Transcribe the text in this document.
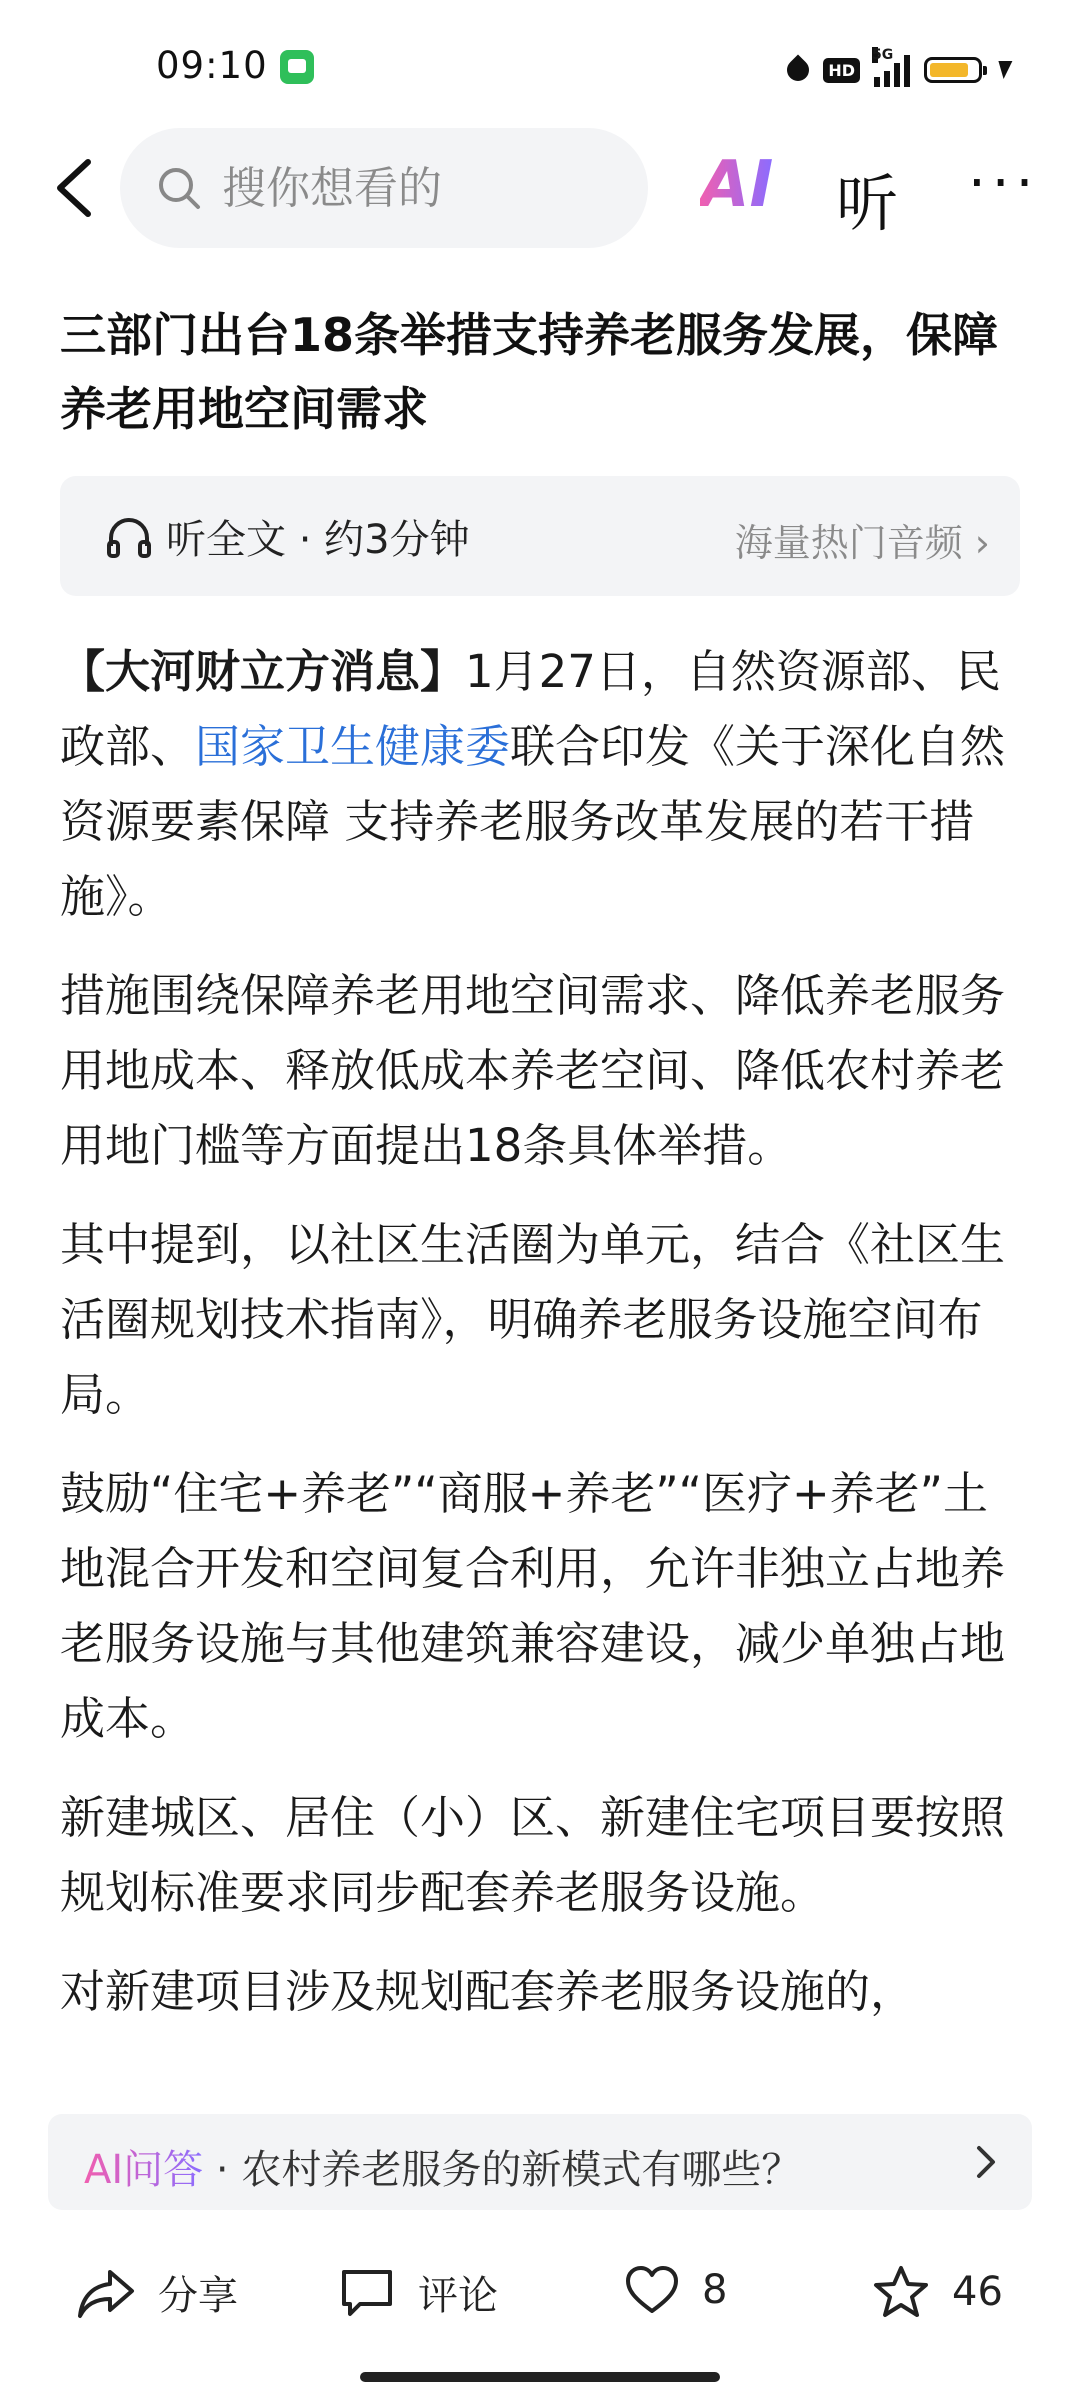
09:10	HD
5G
搜你想看的
AI 听 ···
三部门出台18条举措支持养老服务发展，保障养老用地空间需求
听全文 · 约3分钟	海量热门音频 ›

【大河财立方消息】1月27日，自然资源部、民政部、国家卫生健康委联合印发《关于深化自然资源要素保障 支持养老服务改革发展的若干措施》。

措施围绕保障养老用地空间需求、降低养老服务用地成本、释放低成本养老空间、降低农村养老用地门槛等方面提出18条具体举措。

其中提到，以社区生活圈为单元，结合《社区生活圈规划技术指南》，明确养老服务设施空间布局。

鼓励“住宅+养老”“商服+养老”“医疗+养老”土地混合开发和空间复合利用，允许非独立占地养老服务设施与其他建筑兼容建设，减少单独占地成本。

新建城区、居住（小）区、新建住宅项目要按照规划标准要求同步配套养老服务设施。

对新建项目涉及规划配套养老服务设施的，

AI问答 · 农村养老服务的新模式有哪些？
分享	评论	8	46
